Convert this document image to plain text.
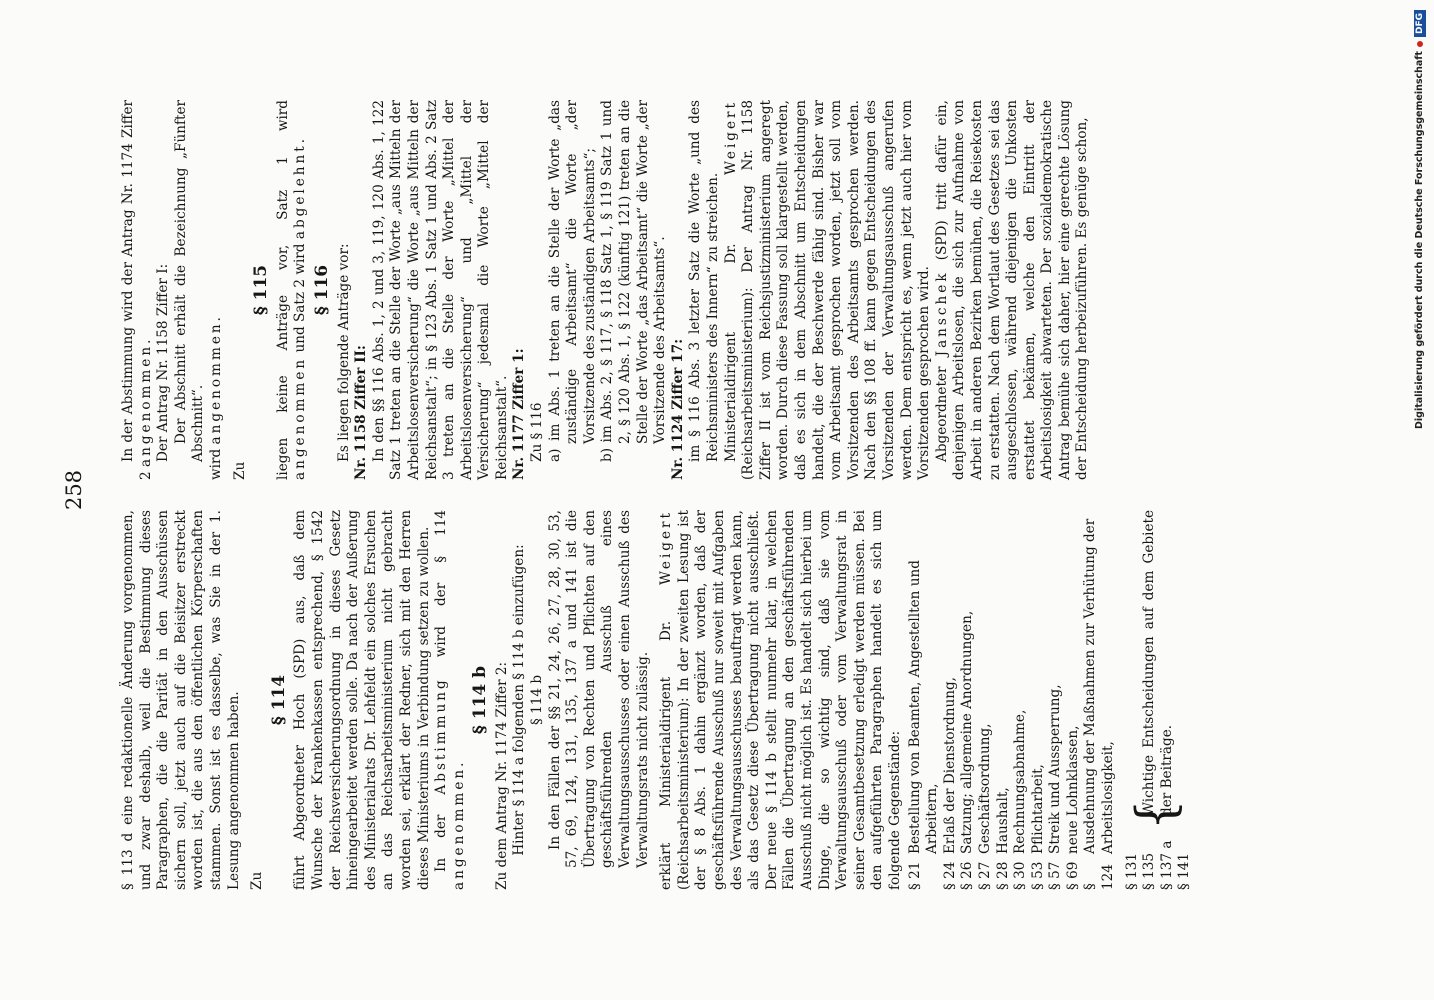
258

§ 113 d eine redaktionelle Änderung vorgenommen, und zwar deshalb, weil die Bestimmung dieses Paragraphen, die die Parität in den Ausschüssen sichern soll, jetzt auch auf die Beisitzer erstreckt worden ist, die aus den öffentlichen Körperschaften stammen. Sonst ist es dasselbe, was Sie in der 1. Lesung angenommen haben. Zu

§ 114 führt Abgeordneter Hoch (SPD) aus, daß dem Wunsche der Krankenkassen entsprechend, § 1542 der Reichsversicherungsordnung in dieses Gesetz hineingearbeitet werden solle. Da nach der Außerung des Ministerialrats Dr. Lehfeldt ein solches Ersuchen an das Reichsarbeitsministerium nicht gebracht worden sei, erklärt der Redner, sich mit den Herren dieses Ministeriums in Verbindung setzen zu wollen. In der Abstimmung wird der § 114 angenommen.

§ 114 b Zu dem Antrag Nr. 1174 Ziffer 2: Hinter § 114 a folgenden § 114 b einzufügen: § 114 b In den Fällen der §§ 21, 24, 26, 27, 28, 30, 53, 57, 69, 124, 131, 135, 137 a und 141 ist die Übertragung von Rechten und Pflichten auf den geschäftsführenden Ausschuß eines Verwaltungsausschusses oder einen Ausschuß des Verwaltungsrats nicht zulässig. erklärt Ministerialdirigent Dr. Weigert (Reichsarbeitsministerium): In der zweiten Lesung ist der § 8 Abs. 1 dahin ergänzt worden, daß der geschäftsführende Ausschuß nur soweit mit Aufgaben des Verwaltungsausschusses beauftragt werden kann, als das Gesetz diese Übertragung nicht ausschließt. Der neue § 114 b stellt nunmehr klar, in welchen Fällen die Übertragung an den geschäftsführenden Ausschuß nicht möglich ist. Es handelt sich hierbei um Dinge, die so wichtig sind, daß sie vom Verwaltungsausschuß oder vom Verwaltungsrat in seiner Gesamtbesetzung erledigt werden müssen. Bei den aufgeführten Paragraphen handelt es sich um folgende Gegenstände: § 21
Bestellung von Beamten, Angestellten und Arbeitern,
§ 24
Erlaß der Dienstordnung,
§ 26
Satzung; allgemeine Anordnungen,
§ 27
Geschäftsordnung,
§ 28
Haushalt,
§ 30
Rechnungsabnahme,
§ 53
Pflichtarbeit,
§ 57
Streik und Aussperrung,
§ 69
neue Lohnklassen,
§ 124
Ausdehnung der Maßnahmen zur Verhütung der Arbeitslosigkeit,
§ 131 § 135 § 137 a § 141
{
Wichtige Entscheidungen auf dem Gebiete der Beiträge.

In der Abstimmung wird der Antrag Nr. 1174 Ziffer 2 angenommen. Der Antrag Nr. 1158 Ziffer I: Der Abschnitt erhält die Bezeichnung „Fünfter Abschnitt“.

wird angenommen.

Zu

§ 115 liegen keine Anträge vor, Satz 1 wird angenommen und Satz 2 wird abgelehnt.

§ 116 Es liegen folgende Anträge vor: Nr. 1158 Ziffer II: In den §§ 116 Abs. 1, 2 und 3, 119, 120 Abs. 1, 122 Satz 1 treten an die Stelle der Worte „aus Mitteln der Arbeitslosenversicherung“ die Worte „aus Mitteln der Reichsanstalt“; in § 123 Abs. 1 Satz 1 und Abs. 2 Satz 3 treten an die Stelle der Worte „Mittel der Arbeitslosenversicherung“ und „Mittel der Versicherung“ jedesmal die Worte „Mittel der Reichsanstalt“. Nr. 1177 Ziffer 1: Zu § 116 a) im Abs. 1 treten an die Stelle der Worte „das zuständige Arbeitsamt“ die Worte „der Vorsitzende des zuständigen Arbeitsamts“; b) im Abs. 2, § 117, § 118 Satz 1, § 119 Satz 1 und 2, § 120 Abs. 1, § 122 (künftig 121) treten an die Stelle der Worte „das Arbeitsamt“ die Worte „der Vorsitzende des Arbeitsamts“. Nr. 1124 Ziffer 17: im § 116 Abs. 3 letzter Satz die Worte „und des Reichsministers des Innern“ zu streichen. Ministerialdirigent Dr. Weigert (Reichsarbeitsministerium): Der Antrag Nr. 1158 Ziffer II ist vom Reichsjustizministerium angeregt worden. Durch diese Fassung soll klargestellt werden, daß es sich in dem Abschnitt um Entscheidungen handelt, die der Beschwerde fähig sind. Bisher war vom Arbeitsamt gesprochen worden, jetzt soll vom Vorsitzenden des Arbeitsamts gesprochen werden. Nach den §§ 108 ff. kann gegen Entscheidungen des Vorsitzenden der Verwaltungsausschuß angerufen werden. Dem entspricht es, wenn jetzt auch hier vom Vorsitzenden gesprochen wird. Abgeordneter Janschek (SPD) tritt dafür ein, denjenigen Arbeitslosen, die sich zur Aufnahme von Arbeit in anderen Bezirken bemühen, die Reisekosten zu erstatten. Nach dem Wortlaut des Gesetzes sei das ausgeschlossen, während diejenigen die Unkosten erstattet bekämen, welche den Eintritt der Arbeitslosigkeit abwarteten. Der sozialdemokratische Antrag bemühe sich daher, hier eine gerechte Lösung der Entscheidung herbeizuführen. Es genüge schon,	Digitalisierung gefördert durch die Deutsche Forschungsgemeinschaft
DFG
